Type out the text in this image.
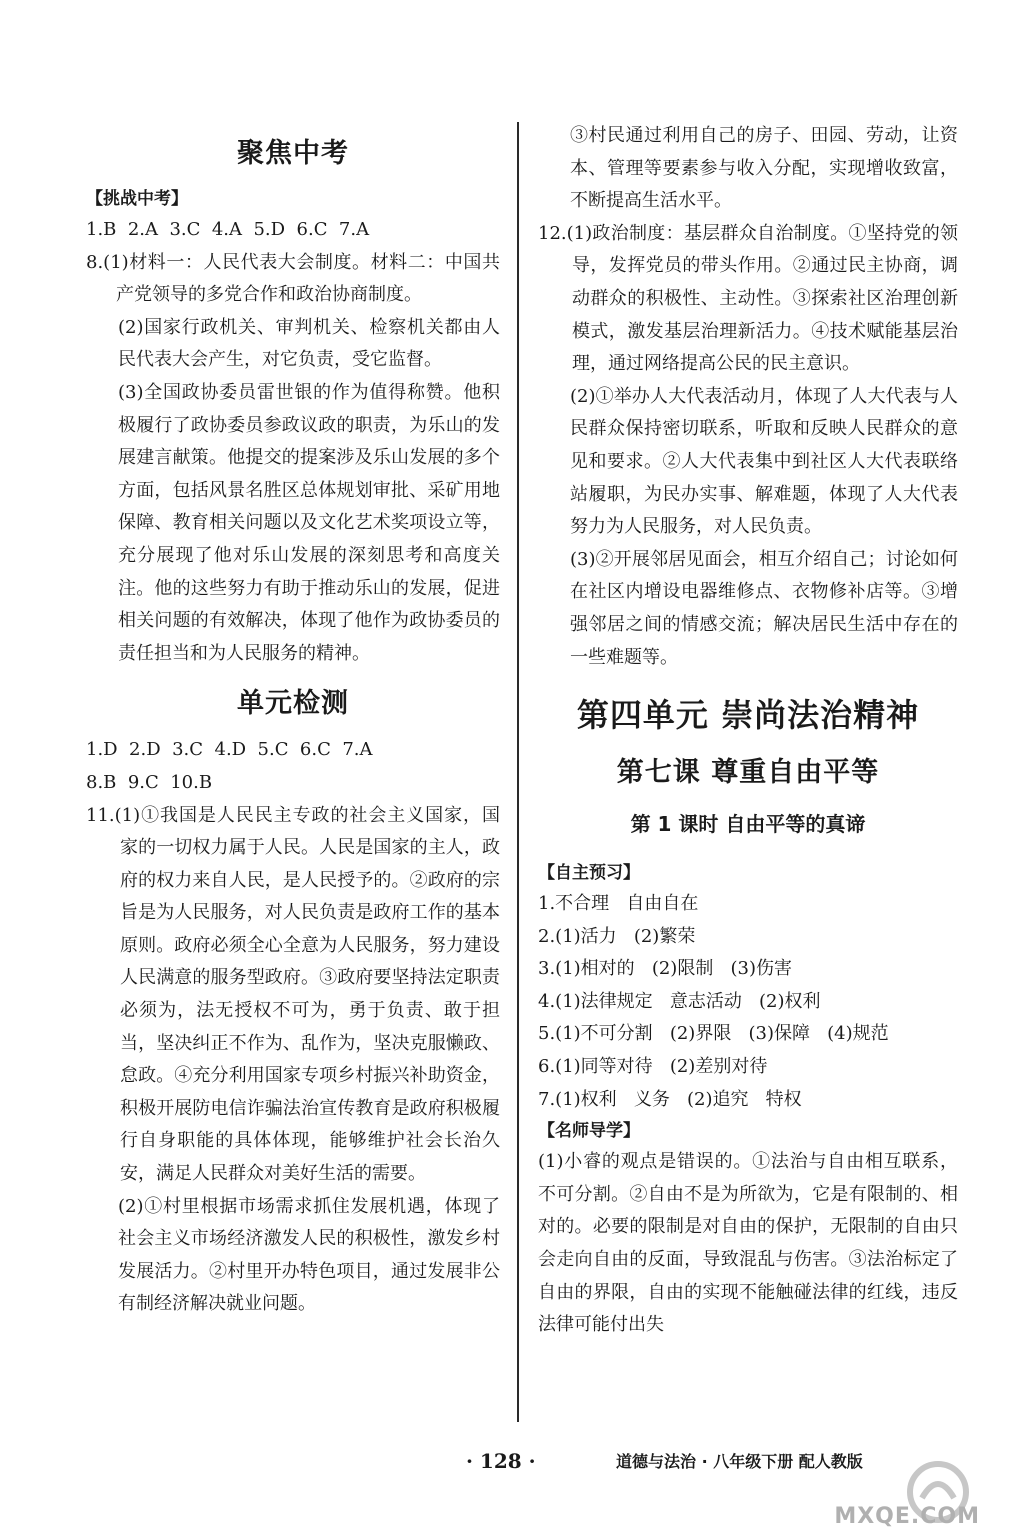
聚焦中考
【挑战中考】
1.B  2.A  3.C  4.A  5.D  6.C  7.A
8.(1)材料一：人民代表大会制度。材料二：中国共产党领导的多党合作和政治协商制度。
(2)国家行政机关、审判机关、检察机关都由人民代表大会产生，对它负责，受它监督。
(3)全国政协委员雷世银的作为值得称赞。他积极履行了政协委员参政议政的职责，为乐山的发展建言献策。他提交的提案涉及乐山发展的多个方面，包括风景名胜区总体规划审批、采矿用地保障、教育相关问题以及文化艺术奖项设立等，充分展现了他对乐山发展的深刻思考和高度关注。他的这些努力有助于推动乐山的发展，促进相关问题的有效解决，体现了他作为政协委员的责任担当和为人民服务的精神。
单元检测
1.D  2.D  3.C  4.D  5.C  6.C  7.A
8.B  9.C  10.B
11.(1)①我国是人民民主专政的社会主义国家，国家的一切权力属于人民。人民是国家的主人，政府的权力来自人民，是人民授予的。②政府的宗旨是为人民服务，对人民负责是政府工作的基本原则。政府必须全心全意为人民服务，努力建设人民满意的服务型政府。③政府要坚持法定职责必须为，法无授权不可为，勇于负责、敢于担当，坚决纠正不作为、乱作为，坚决克服懒政、怠政。④充分利用国家专项乡村振兴补助资金，积极开展防电信诈骗法治宣传教育是政府积极履行自身职能的具体体现，能够维护社会长治久安，满足人民群众对美好生活的需要。
(2)①村里根据市场需求抓住发展机遇，体现了社会主义市场经济激发人民的积极性，激发乡村发展活力。②村里开办特色项目，通过发展非公有制经济解决就业问题。
③村民通过利用自己的房子、田园、劳动，让资本、管理等要素参与收入分配，实现增收致富，不断提高生活水平。
12.(1)政治制度：基层群众自治制度。①坚持党的领导，发挥党员的带头作用。②通过民主协商，调动群众的积极性、主动性。③探索社区治理创新模式，激发基层治理新活力。④技术赋能基层治理，通过网络提高公民的民主意识。
(2)①举办人大代表活动月，体现了人大代表与人民群众保持密切联系，听取和反映人民群众的意见和要求。②人大代表集中到社区人大代表联络站履职，为民办实事、解难题，体现了人大代表努力为人民服务，对人民负责。
(3)②开展邻居见面会，相互介绍自己；讨论如何在社区内增设电器维修点、衣物修补店等。③增强邻居之间的情感交流；解决居民生活中存在的一些难题等。
第四单元 崇尚法治精神
第七课 尊重自由平等
第 1 课时 自由平等的真谛
【自主预习】
1.不合理   自由自在
2.(1)活力   (2)繁荣
3.(1)相对的   (2)限制   (3)伤害
4.(1)法律规定   意志活动   (2)权利
5.(1)不可分割   (2)界限   (3)保障   (4)规范
6.(1)同等对待   (2)差别对待
7.(1)权利   义务   (2)追究   特权
【名师导学】
(1)小睿的观点是错误的。①法治与自由相互联系，不可分割。②自由不是为所欲为，它是有限制的、相对的。必要的限制是对自由的保护，无限制的自由只会走向自由的反面，导致混乱与伤害。③法治标定了自由的界限，自由的实现不能触碰法律的红线，违反法律可能付出失
· 128 ·	道德与法治 · 八年级下册 配人教版
MXQE.COM
